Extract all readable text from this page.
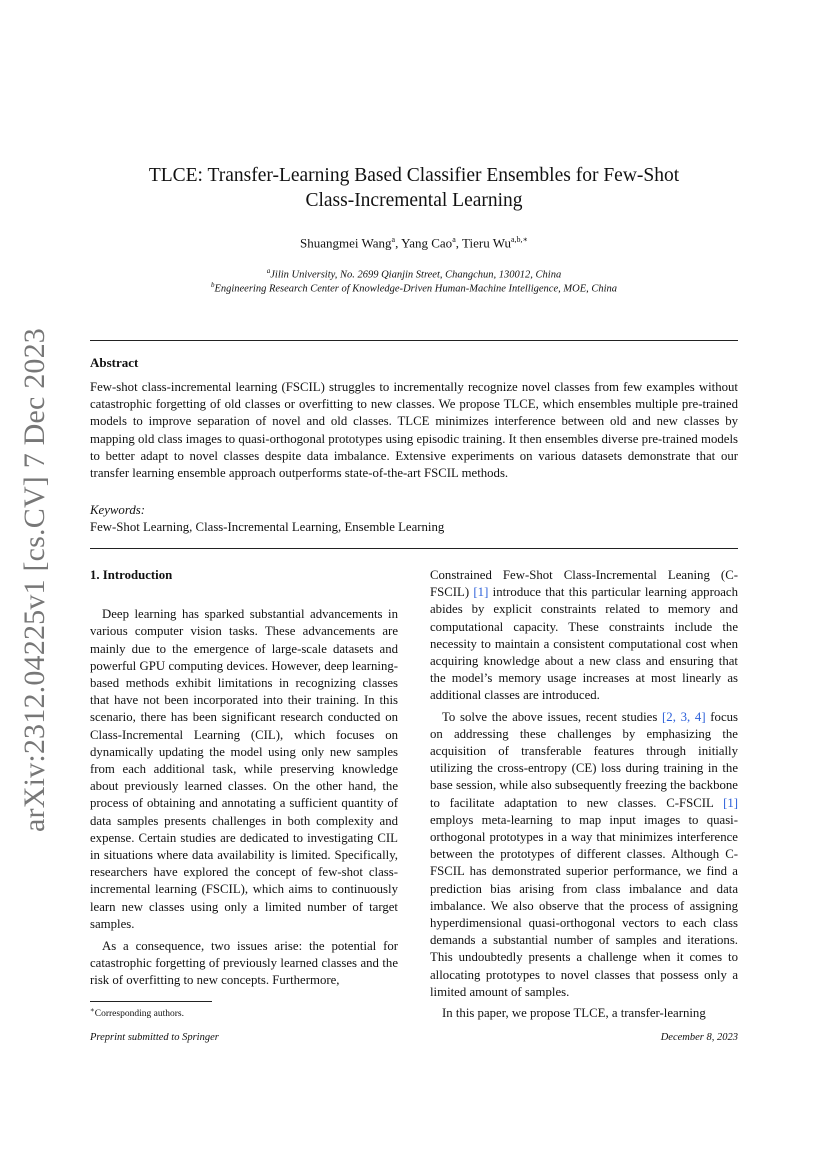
arXiv:2312.04225v1 [cs.CV] 7 Dec 2023
TLCE: Transfer-Learning Based Classifier Ensembles for Few-Shot
Class-Incremental Learning
Shuangmei Wang$^a$, Yang Cao$^a$, Tieru $Wu^{a,b,∗}$
$^a$Jilin University, No. 2699 Qianjin Street, Changchun, 130012, China
$^b$Engineering Research Center of Knowledge-Driven Human-Machine Intelligence, MOE, China
Abstract
Few-shot class-incremental learning (FSCIL) struggles to incrementally recognize novel classes from few examples without catastrophic forgetting of old classes or overfitting to new classes. We propose TLCE, which ensembles multiple pre-trained models to improve separation of novel and old classes. TLCE minimizes interference between old and new classes by mapping old class images to quasi-orthogonal prototypes using episodic training. It then ensembles diverse pre-trained models to better adapt to novel classes despite data imbalance. Extensive experiments on various datasets demonstrate that our transfer learning ensemble approach outperforms state-of-the-art FSCIL methods.
Keywords:
Few-Shot Learning, Class-Incremental Learning, Ensemble Learning
1. Introduction

Deep learning has sparked substantial advancements in various computer vision tasks. These advancements are mainly due to the emergence of large-scale datasets and powerful GPU computing devices. However, deep learning-based methods exhibit limitations in recognizing classes that have not been incorporated into their training. In this scenario, there has been significant research conducted on Class-Incremental Learning (CIL), which focuses on dynamically updating the model using only new samples from each additional task, while preserving knowledge about previously learned classes. On the other hand, the process of obtaining and annotating a sufficient quantity of data samples presents challenges in both complexity and expense. Certain studies are dedicated to investigating CIL in situations where data availability is limited. Specifically, researchers have explored the concept of few-shot class-incremental learning (FSCIL), which aims to continuously learn new classes using only a limited number of target samples.

As a consequence, two issues arise: the potential for catastrophic forgetting of previously learned classes and the risk of overfitting to new concepts. Furthermore,

Constrained Few-Shot Class-Incremental Leaning (C-FSCIL) [1] introduce that this particular learning approach abides by explicit constraints related to memory and computational capacity. These constraints include the necessity to maintain a consistent computational cost when acquiring knowledge about a new class and ensuring that the model’s memory usage increases at most linearly as additional classes are introduced.

To solve the above issues, recent studies [2, 3, 4] focus on addressing these challenges by emphasizing the acquisition of transferable features through initially utilizing the cross-entropy (CE) loss during training in the base session, while also subsequently freezing the backbone to facilitate adaptation to new classes. C-FSCIL [1] employs meta-learning to map input images to quasi-orthogonal prototypes in a way that minimizes interference between the prototypes of different classes. Although C-FSCIL has demonstrated superior performance, we find a prediction bias arising from class imbalance and data imbalance. We also observe that the process of assigning hyperdimensional quasi-orthogonal vectors to each class demands a substantial number of samples and iterations. This undoubtedly presents a challenge when it comes to allocating prototypes to novel classes that possess only a limited amount of samples.

In this paper, we propose TLCE, a transfer-learning

∗Corresponding authors.
Preprint submitted to Springer	December 8, 2023
